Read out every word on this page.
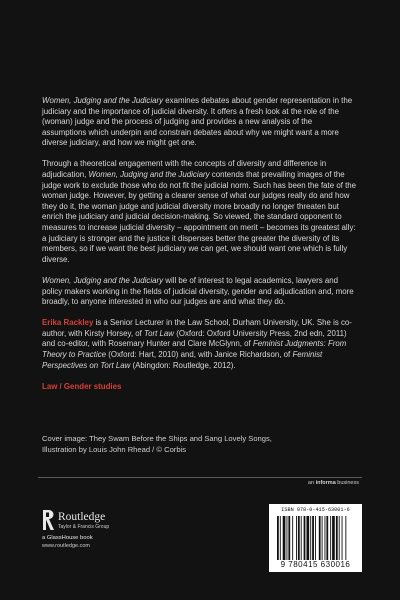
Women, Judging and the Judiciary examines debates about gender representation in the judiciary and the importance of judicial diversity. It offers a fresh look at the role of the (woman) judge and the process of judging and provides a new analysis of the assumptions which underpin and constrain debates about why we might want a more diverse judiciary, and how we might get one.

Through a theoretical engagement with the concepts of diversity and difference in adjudication, Women, Judging and the Judiciary contends that prevailing images of the judge work to exclude those who do not fit the judicial norm. Such has been the fate of the woman judge. However, by getting a clearer sense of what our judges really do and how they do it, the woman judge and judicial diversity more broadly no longer threaten but enrich the judiciary and judicial decision-making. So viewed, the standard opponent to measures to increase judicial diversity – appointment on merit – becomes its greatest ally: a judiciary is stronger and the justice it dispenses better the greater the diversity of its members, so if we want the best judiciary we can get, we should want one which is fully diverse.

Women, Judging and the Judiciary will be of interest to legal academics, lawyers and policy makers working in the fields of judicial diversity, gender and adjudication and, more broadly, to anyone interested in who our judges are and what they do.

Erika Rackley is a Senior Lecturer in the Law School, Durham University, UK. She is co-author, with Kirsty Horsey, of Tort Law (Oxford: Oxford University Press, 2nd edn, 2011) and co-editor, with Rosemary Hunter and Clare McGlynn, of Feminist Judgments: From Theory to Practice (Oxford: Hart, 2010) and, with Janice Richardson, of Feminist Perspectives on Tort Law (Abingdon: Routledge, 2012).

Law / Gender studies
Cover image: They Swam Before the Ships and Sang Lovely Songs,
Illustration by Louis John Rhead / © Corbis
an informa business
Routledge
Taylor & Francis Group
a GlassHouse book
www.routledge.com
ISBN 978-0-415-63001-6
9 780415 630016
